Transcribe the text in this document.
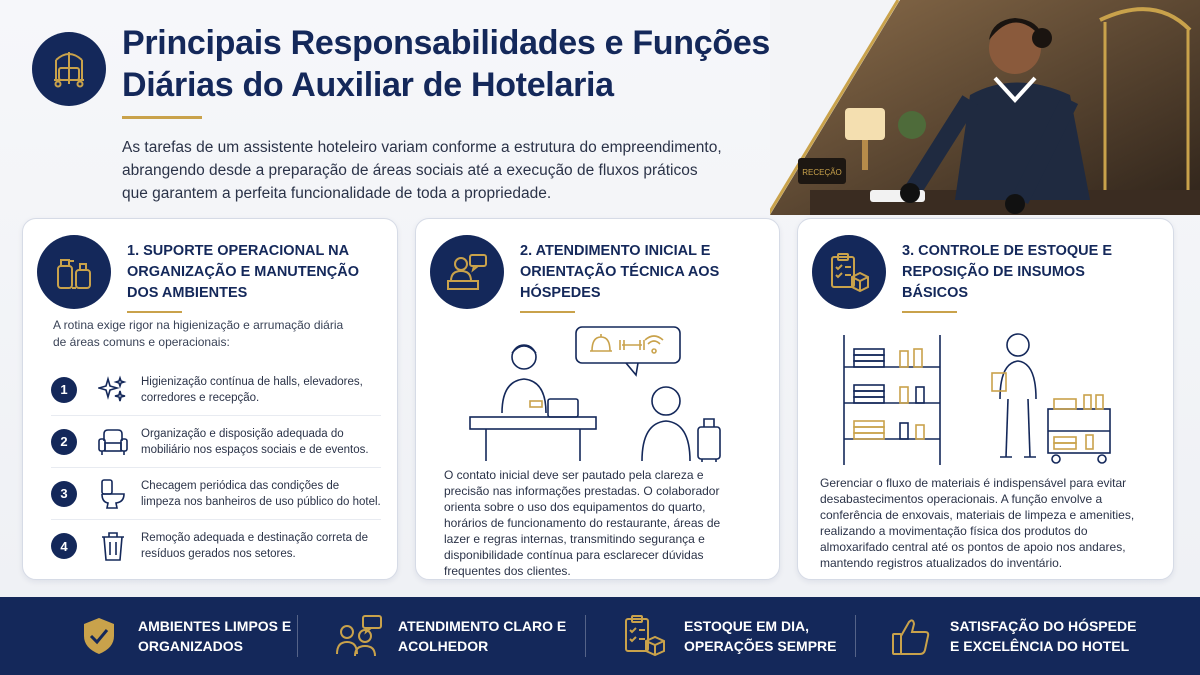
Principais Responsabilidades e Funções Diárias do Auxiliar de Hotelaria
As tarefas de um assistente hoteleiro variam conforme a estrutura do empreendimento, abrangendo desde a preparação de áreas sociais até a execução de fluxos práticos que garantem a perfeita funcionalidade de toda a propriedade.
RECEÇÃO
1. SUPORTE OPERACIONAL NA ORGANIZAÇÃO E MANUTENÇÃO DOS AMBIENTES
A rotina exige rigor na higienização e arrumação diária de áreas comuns e operacionais:
1
Higienização contínua de halls, elevadores, corredores e recepção.
2
Organização e disposição adequada do mobiliário nos espaços sociais e de eventos.
3
Checagem periódica das condições de limpeza nos banheiros de uso público do hotel.
4
Remoção adequada e destinação correta de resíduos gerados nos setores.
2. ATENDIMENTO INICIAL E ORIENTAÇÃO TÉCNICA AOS HÓSPEDES
O contato inicial deve ser pautado pela clareza e precisão nas informações prestadas. O colaborador orienta sobre o uso dos equipamentos do quarto, horários de funcionamento do restaurante, áreas de lazer e regras internas, transmitindo segurança e disponibilidade contínua para esclarecer dúvidas frequentes dos clientes.
3. CONTROLE DE ESTOQUE E REPOSIÇÃO DE INSUMOS BÁSICOS
Gerenciar o fluxo de materiais é indispensável para evitar desabastecimentos operacionais. A função envolve a conferência de enxovais, materiais de limpeza e amenities, realizando a movimentação física dos produtos do almoxarifado central até os pontos de apoio nos andares, mantendo registros atualizados do inventário.
AMBIENTES LIMPOS E ORGANIZADOS
ATENDIMENTO CLARO E ACOLHEDOR
ESTOQUE EM DIA, OPERAÇÕES SEMPRE
SATISFAÇÃO DO HÓSPEDE E EXCELÊNCIA DO HOTEL
